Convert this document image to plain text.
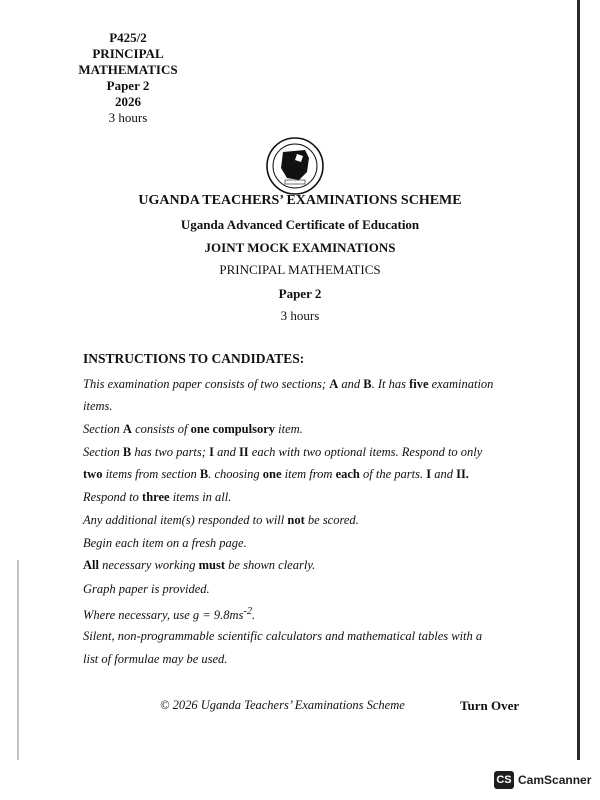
P425/2
PRINCIPAL
MATHEMATICS
Paper 2
2026
3 hours
UGANDA TEACHERS’ EXAMINATIONS SCHEME
Uganda Advanced Certificate of Education
JOINT MOCK EXAMINATIONS
PRINCIPAL MATHEMATICS
Paper 2
3 hours
INSTRUCTIONS TO CANDIDATES:
This examination paper consists of two sections; A and B. It has five examination
items.
Section A consists of one compulsory item.
Section B has two parts; I and II each with two optional items. Respond to only
two items from section B. choosing one item from each of the parts. I and II.
Respond to three items in all.
Any additional item(s) responded to will not be scored.
Begin each item on a fresh page.
All necessary working must be shown clearly.
Graph paper is provided.
Where necessary, use $g = 9.8ms^{-2}$.
Silent, non-programmable scientific calculators and mathematical tables with a
list of formulae may be used.
© 2026 Uganda Teachers’ Examinations Scheme	Turn Over
CS CamScanner
